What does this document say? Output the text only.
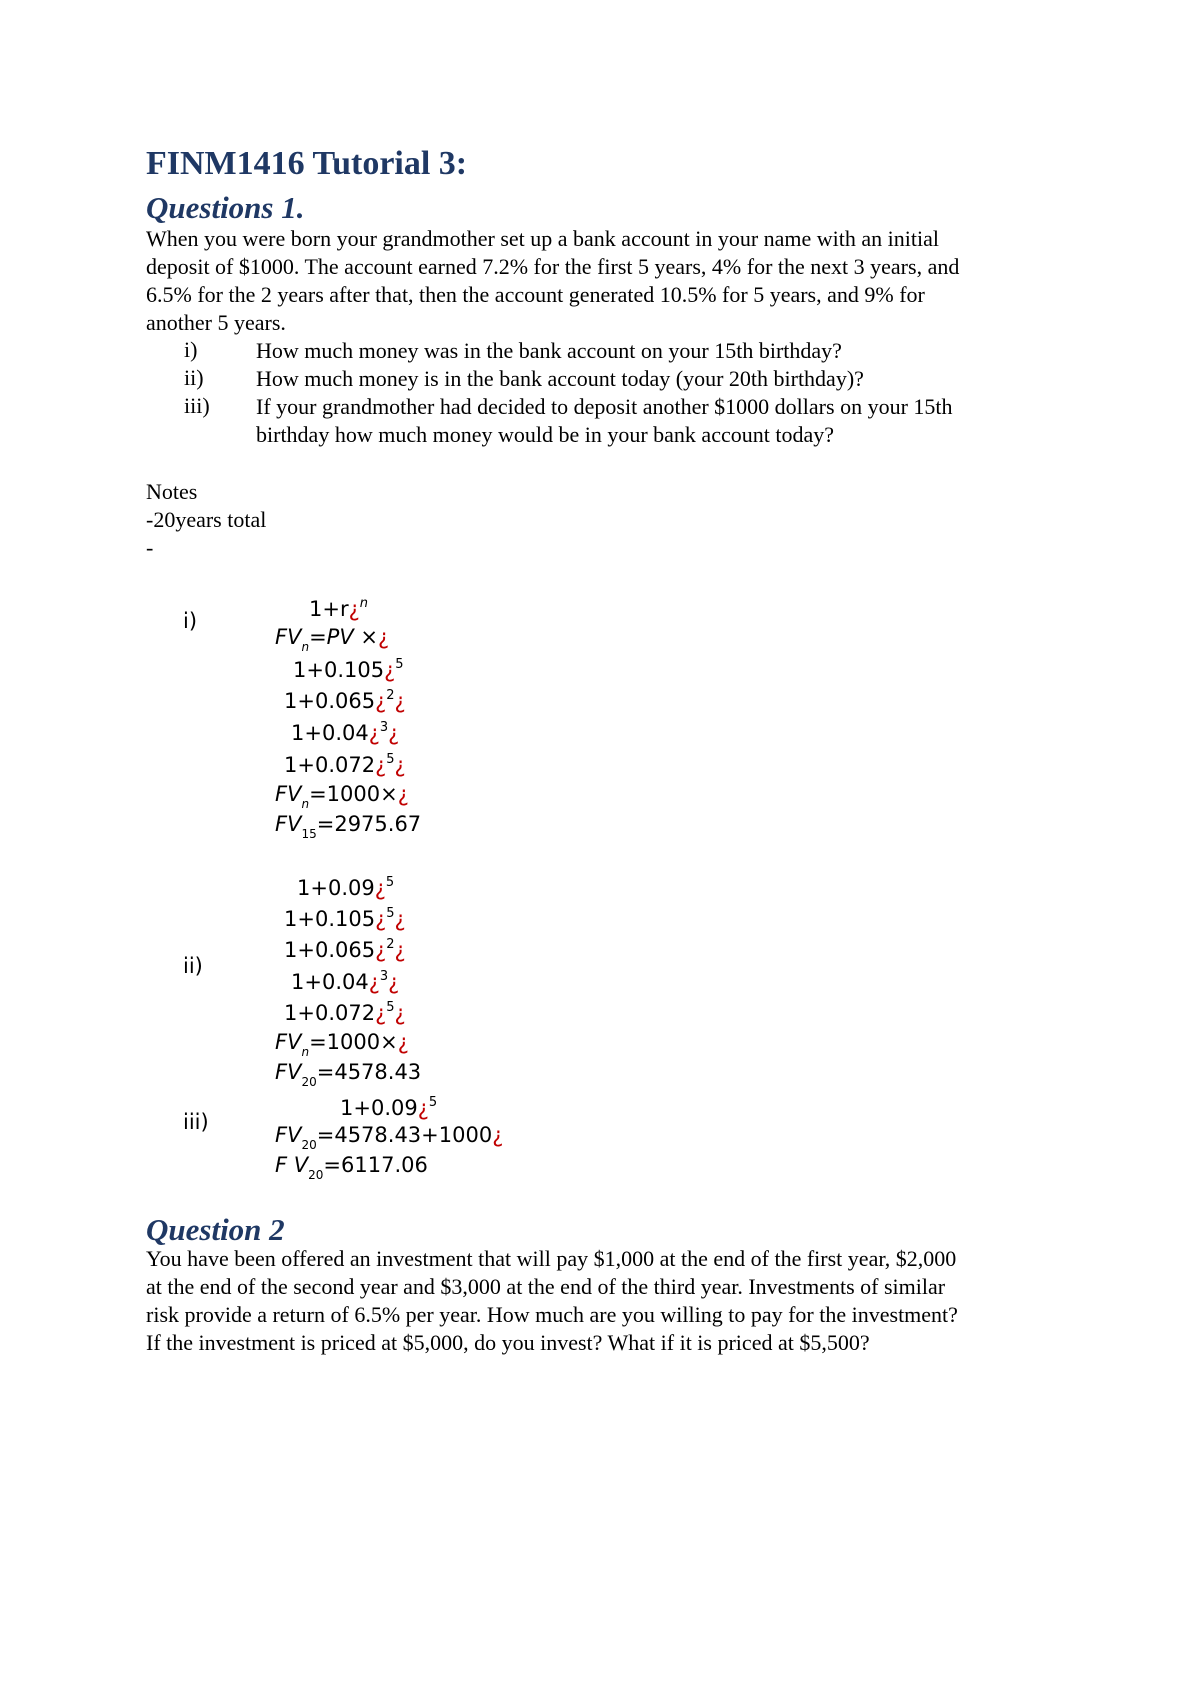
FINM1416 Tutorial 3:
Questions 1.
When you were born your grandmother set up a bank account in your name with an initial
deposit of $1000. The account earned 7.2% for the first 5 years, 4% for the next 3 years, and
6.5% for the 2 years after that, then the account generated 10.5% for 5 years, and 9% for
another 5 years.
i)	How much money was in the bank account on your 15th birthday?
ii) How much money is in the bank account today (your 20th birthday)?
iii) If your grandmother had decided to deposit another $1000 dollars on your 15th
birthday how much money would be in your bank account today?
Notes
-20years total
-
i)	1+r¿$^n$
$FV_n=PV$ ×¿
1+0.105¿$^5$
1+0.065¿$^2$¿
1+0.04¿$^3$¿
1+0.072¿$^5$¿
$FV_n=1000\times¿$
$FV_{15}=2975.67$
ii)
1+0.09¿$^5$
1+0.105¿$^5$¿
1+0.065¿$^2$¿
1+0.04¿$^3$¿
1+0.072¿$^5$¿
$FV_n=1000\times¿$
$FV_{20}=4578.43$
iii)
1+0.09¿$^5$
$FV_{20}=4578.43+1000¿$
F $V_{20}=6117.06$
Question 2
You have been offered an investment that will pay $1,000 at the end of the first year, $2,000
at the end of the second year and $3,000 at the end of the third year. Investments of similar
risk provide a return of 6.5% per year. How much are you willing to pay for the investment?
If the investment is priced at $5,000, do you invest? What if it is priced at $5,500?
